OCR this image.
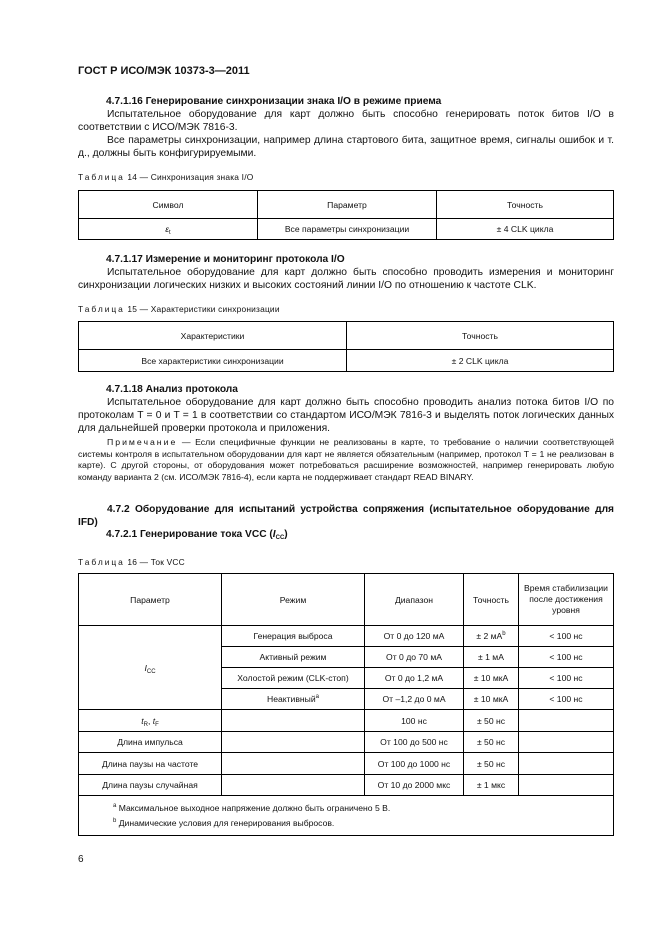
ГОСТ Р ИСО/МЭК 10373-3—2011
4.7.1.16 Генерирование синхронизации знака I/O в режиме приема
Испытательное оборудование для карт должно быть способно генерировать поток битов I/O в соответствии с ИСО/МЭК 7816-3.
Все параметры синхронизации, например длина стартового бита, защитное время, сигналы ошибок и т. д., должны быть конфигурируемыми.
Таблица 14 — Синхронизация знака I/O
Символ	Параметр	Точность
$\varepsilon_t$	Все параметры синхронизации	± 4 CLK цикла
4.7.1.17 Измерение и мониторинг протокола I/O
Испытательное оборудование для карт должно быть способно проводить измерения и мониторинг синхронизации логических низких и высоких состояний линии I/O по отношению к частоте CLK.
Таблица 15 — Характеристики синхронизации
Характеристики	Точность
Все характеристики синхронизации	± 2 CLK цикла
4.7.1.18 Анализ протокола
Испытательное оборудование для карт должно быть способно проводить анализ потока битов I/O по протоколам T = 0 и T = 1 в соответствии со стандартом ИСО/МЭК 7816-3 и выделять поток логических данных для дальнейшей проверки протокола и приложения.
Примечание — Если специфичные функции не реализованы в карте, то требование о наличии соответствующей системы контроля в испытательном оборудовании для карт не является обязательным (например, протокол T = 1 не реализован в карте). С другой стороны, от оборудования может потребоваться расширение возможностей, например генерировать любую команду варианта 2 (см. ИСО/МЭК 7816-4), если карта не поддерживает стандарт READ BINARY.
4.7.2 Оборудование для испытаний устройства сопряжения (испытательное оборудование для IFD)
4.7.2.1 Генерирование тока VCC $(I_{CC})$
Таблица 16 — Ток VCC
Параметр	Режим	Диапазон	Точность	Время стабилизации после достижения уровня
$I_{CC}$	Генерация выброса	От 0 до 120 мА	± 2 $мА^b$	< 100 нс
	Активный режим	От 0 до 70 мА	± 1 мА	< 100 нс
	Холостой режим (CLK-стоп)	От 0 до 1,2 мА	± 10 мкА	< 100 нс
	Неактивный$^a$	От –1,2 до 0 мА	± 10 мкА	< 100 нс
$t_R$, $t_F$		100 нс	± 50 нс	
Длина импульса		От 100 до 500 нс	± 50 нс	
Длина паузы на частоте		От 100 до 1000 нс	± 50 нс	
Длина паузы случайная		От 10 до 2000 мкс	± 1 мкс	

$^a$ Максимальное выходное напряжение должно быть ограничено 5 В.
$^b$ Динамические условия для генерирования выбросов.				
6
